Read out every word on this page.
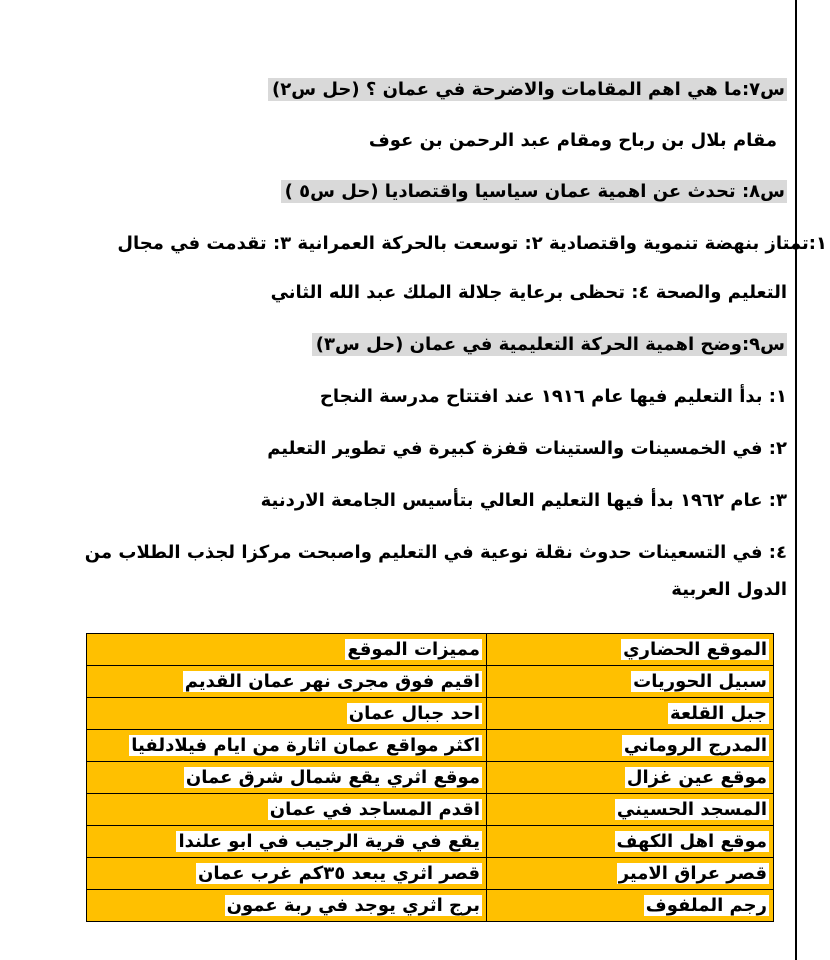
س٧:ما هي اهم المقامات والاضرحة في عمان ؟ (حل س٢)
مقام بلال بن رباح ومقام عبد الرحمن بن عوف
س٨: تحدث عن اهمية عمان سياسيا واقتصاديا (حل س٥ )
١:تمتاز بنهضة تنموية واقتصادية ٢: توسعت بالحركة العمرانية ٣: تقدمت في مجال
التعليم والصحة ٤: تحظى برعاية جلالة الملك عبد الله الثاني
س٩:وضح اهمية الحركة التعليمية في عمان (حل س٣)
١: بدأ التعليم فيها عام ١٩١٦ عند افتتاح مدرسة النجاح
٢: في الخمسينات والستينات قفزة كبيرة في تطوير التعليم
٣: عام ١٩٦٢ بدأ فيها التعليم العالي بتأسيس الجامعة الاردنية
٤: في التسعينات حدوث نقلة نوعية في التعليم واصبحت مركزا لجذب الطلاب من
الدول العربية
الموقع الحضاري	مميزات الموقع
سبيل الحوريات	اقيم فوق مجرى نهر عمان القديم
جبل القلعة	احد جبال عمان
المدرج الروماني	اكثر مواقع عمان اثارة من ايام فيلادلفيا
موقع عين غزال	موقع اثري يقع شمال شرق عمان
المسجد الحسيني	اقدم المساجد في عمان
موقع اهل الكهف	يقع في قرية الرجيب في ابو علندا
قصر عراق الامير	قصر اثري يبعد ٣٥كم غرب عمان
رجم الملفوف	برج اثري يوجد في ربة عمون
